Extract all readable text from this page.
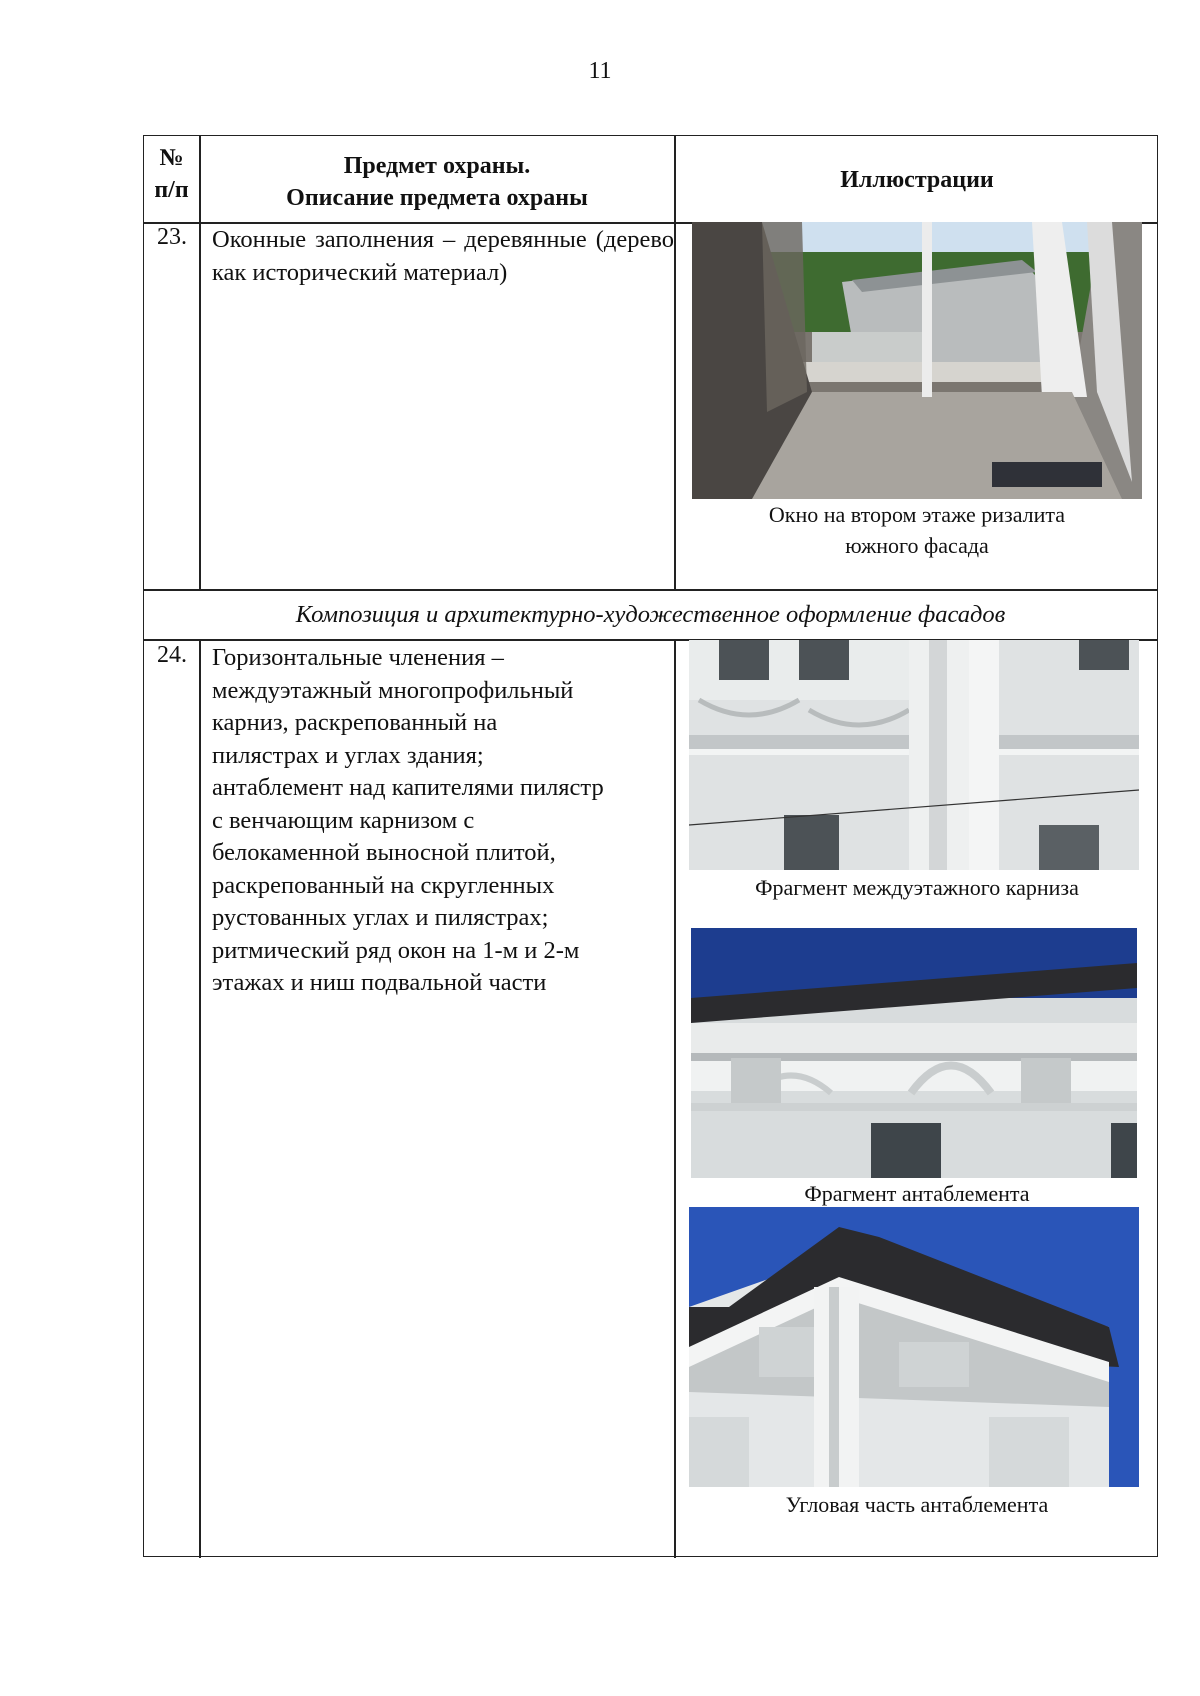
11
№
п/п
Предмет охраны.
Описание предмета охраны
Иллюстрации
23.	Оконные заполнения – деревянные (дерево как исторический материал)
Окно на втором этаже ризалита
южного фасада
Композиция и архитектурно-художественное оформление фасадов
24.	Горизонтальные членения –
междуэтажный многопрофильный
карниз, раскрепованный на
пилястрах и углах здания;
антаблемент над капителями пилястр
с венчающим карнизом с
белокаменной выносной плитой,
раскрепованный на скругленных
рустованных углах и пилястрах;
ритмический ряд окон на 1-м и 2-м
этажах и ниш подвальной части
Фрагмент междуэтажного карниза
Фрагмент антаблемента
Угловая часть антаблемента
